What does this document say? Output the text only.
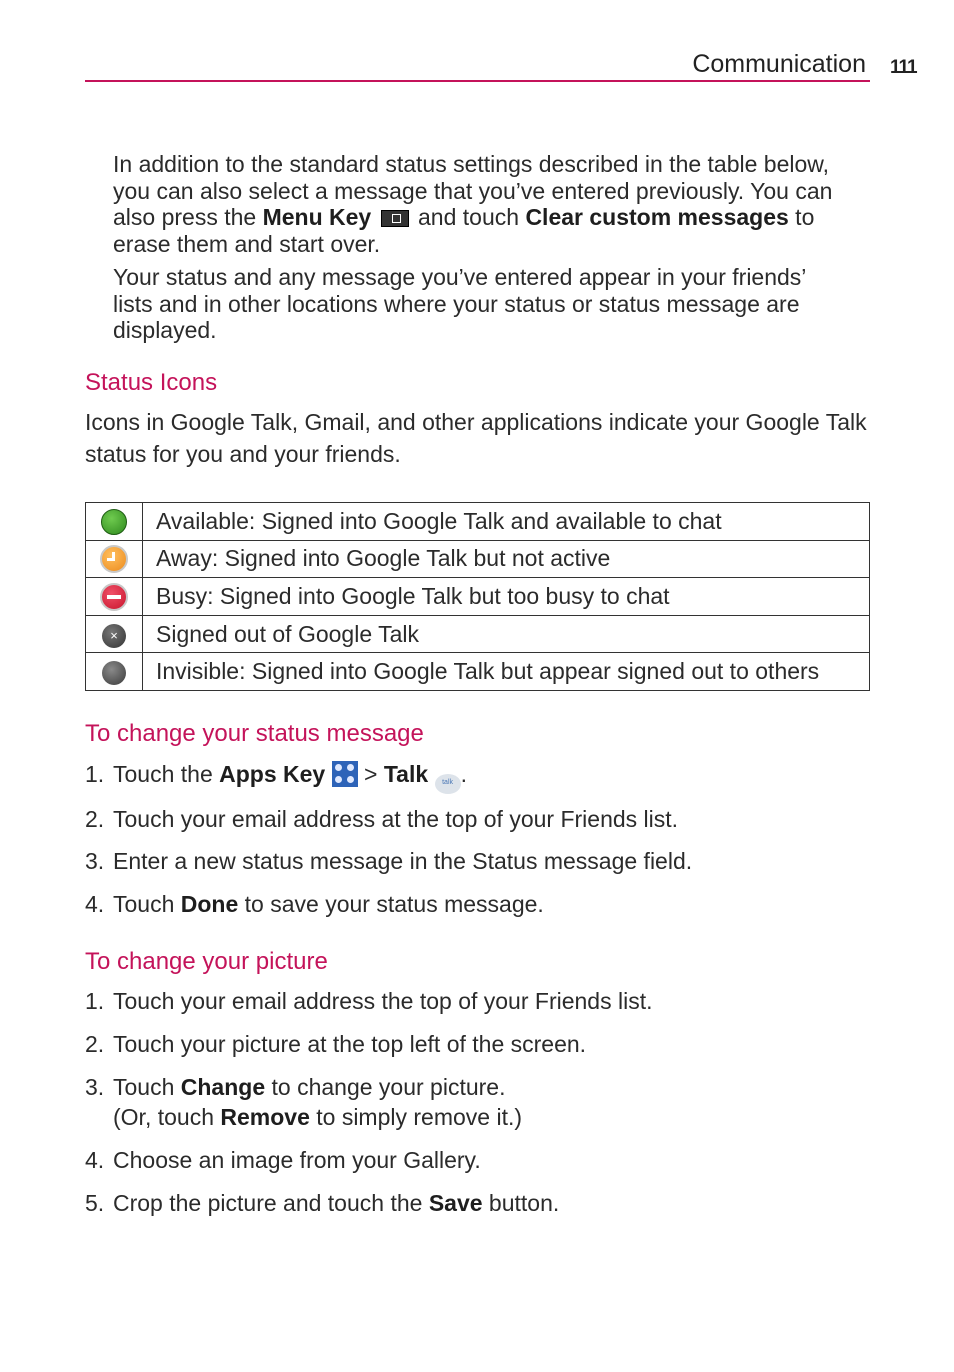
Communication 111
In addition to the standard status settings described in the table below, you can also select a message that you’ve entered previously. You can also press the Menu Key  and touch Clear custom messages to erase them and start over.
Your status and any message you’ve entered appear in your friends’ lists and in other locations where your status or status message are displayed.
Status Icons
Icons in Google Talk, Gmail, and other applications indicate your Google Talk status for you and your friends.
	Available: Signed into Google Talk and available to chat

	Away: Signed into Google Talk but not active

	Busy: Signed into Google Talk but too busy to chat
×	Signed out of Google Talk
	Invisible: Signed into Google Talk but appear signed out to others
To change your status message
1. Touch the Apps Key
> Talk talk .
2. Touch your email address at the top of your Friends list.
3. Enter a new status message in the Status message field.
4. Touch Done to save your status message.
To change your picture
1. Touch your email address the top of your Friends list.
2. Touch your picture at the top left of the screen.
3. Touch Change to change your picture.
(Or, touch Remove to simply remove it.)
4. Choose an image from your Gallery.
5. Crop the picture and touch the Save button.
